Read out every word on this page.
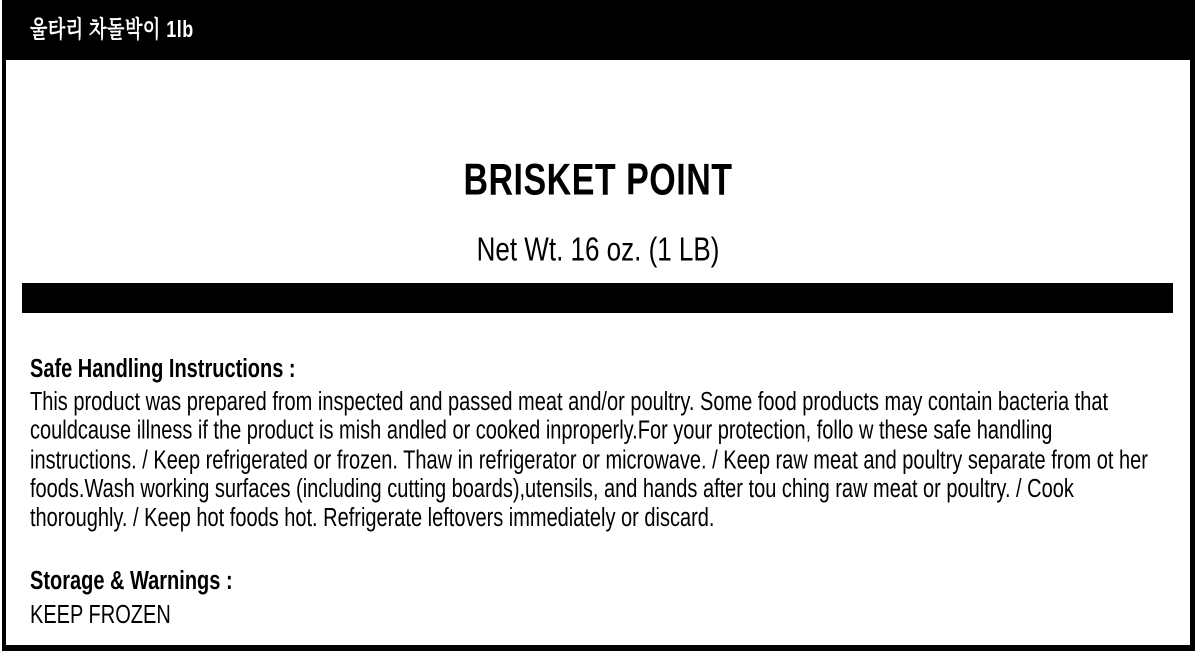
울타리 차돌박이 1lb
BRISKET POINT
Net Wt. 16 oz. (1 LB)
Safe Handling Instructions :

This product was prepared from inspected and passed meat and/or poultry. Some food products may contain bacteria that couldcause illness if the product is mish andled or cooked inproperly.For your protection, follo w these safe handling instructions. / Keep refrigerated or frozen. Thaw in refrigerator or microwave. / Keep raw meat and poultry separate from ot her foods.Wash working surfaces (including cutting boards),utensils, and hands after tou ching raw meat or poultry. / Cook thoroughly. / Keep hot foods hot. Refrigerate leftovers immediately or discard.

Storage & Warnings :

KEEP FROZEN
